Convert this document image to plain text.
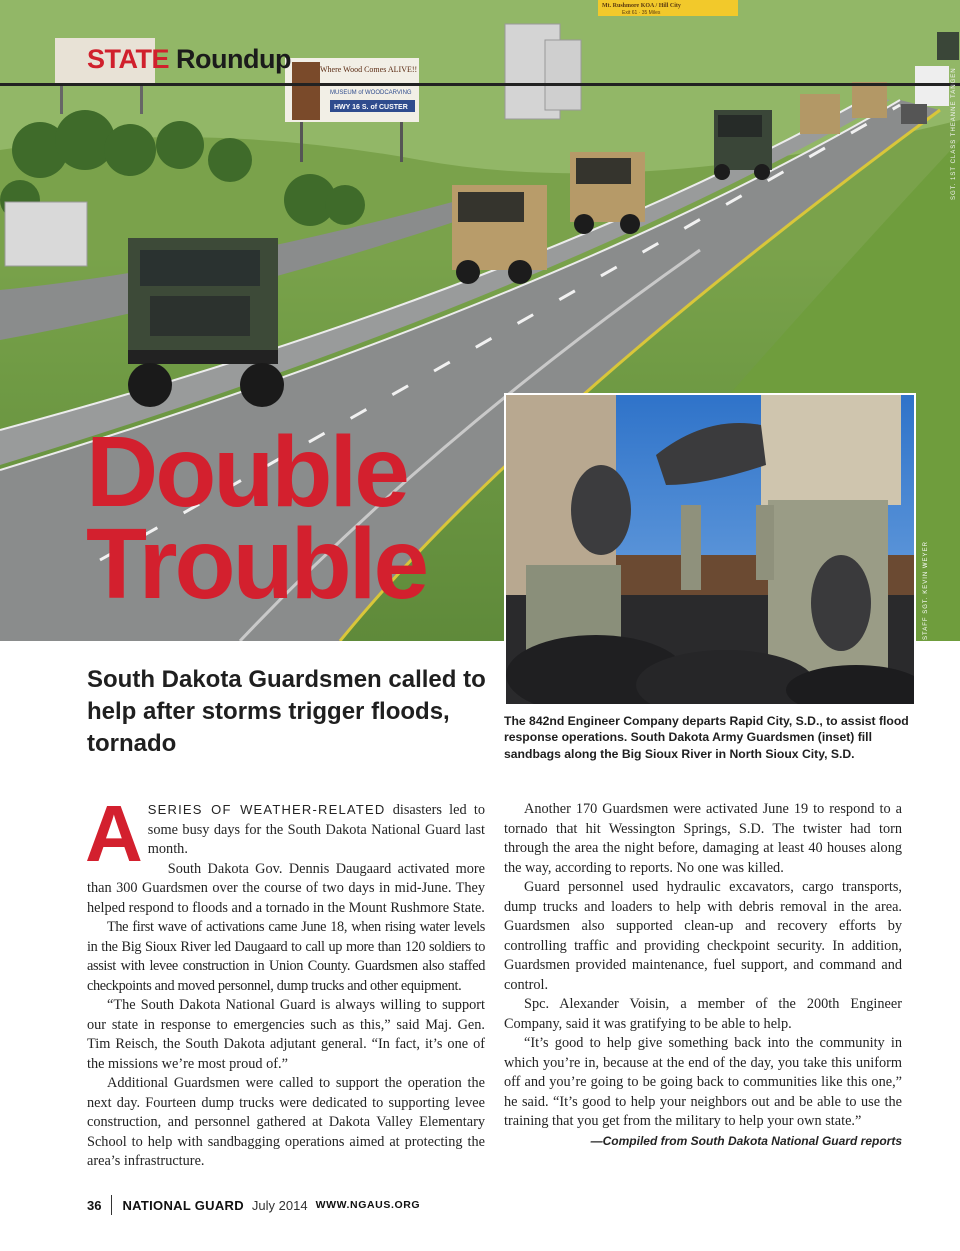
Where Wood Comes ALIVE!!
MUSEUM of WOODCARVING
HWY 16 S. of CUSTER
Mt. Rushmore KOA / Hill City
Exit 61 · 35 Miles
STATE Roundup
SGT. 1ST CLASS THEANNE TANGEN
Double
Trouble	STAFF SGT. KEVIN WEYER
South Dakota Guardsmen called to help after storms trigger floods, tornado
The 842nd Engineer Company departs Rapid City, S.D., to assist flood response operations. South Dakota Army Guardsmen (inset) fill sandbags along the Big Sioux River in North Sioux City, S.D.

ASERIES OF WEATHER-RELATED disasters led to some busy days for the South Dakota National Guard last month.

South Dakota Gov. Dennis Daugaard activated more than 300 Guardsmen over the course of two days in mid-June. They helped respond to floods and a tornado in the Mount Rushmore State.

The first wave of activations came June 18, when rising water levels in the Big Sioux River led Daugaard to call up more than 120 soldiers to assist with levee construction in Union County. Guardsmen also staffed checkpoints and moved personnel, dump trucks and other equipment.

“The South Dakota National Guard is always willing to support our state in response to emergencies such as this,” said Maj. Gen. Tim Reisch, the South Dakota adjutant general. “In fact, it’s one of the missions we’re most proud of.”

Additional Guardsmen were called to support the operation the next day. Fourteen dump trucks were dedicated to supporting levee construction, and personnel gathered at Dakota Valley Elementary School to help with sandbagging operations aimed at protecting the area’s infrastructure.

Another 170 Guardsmen were activated June 19 to respond to a tornado that hit Wessington Springs, S.D. The twister had torn through the area the night before, damaging at least 40 houses along the way, according to reports. No one was killed.

Guard personnel used hydraulic excavators, cargo transports, dump trucks and loaders to help with debris removal in the area. Guardsmen also supported clean-up and recovery efforts by controlling traffic and providing checkpoint security. In addition, Guardsmen provided maintenance, fuel support, and command and control.

Spc. Alexander Voisin, a member of the 200th Engineer Company, said it was gratifying to be able to help.

“It’s good to help give something back into the community in which you’re in, because at the end of the day, you take this uniform off and you’re going to be going back to communities like this one,” he said. “It’s good to help your neighbors out and be able to use the training that you get from the military to help your own state.”

—Compiled from South Dakota National Guard reports

36 NATIONAL GUARD July 2014 WWW.NGAUS.ORG
